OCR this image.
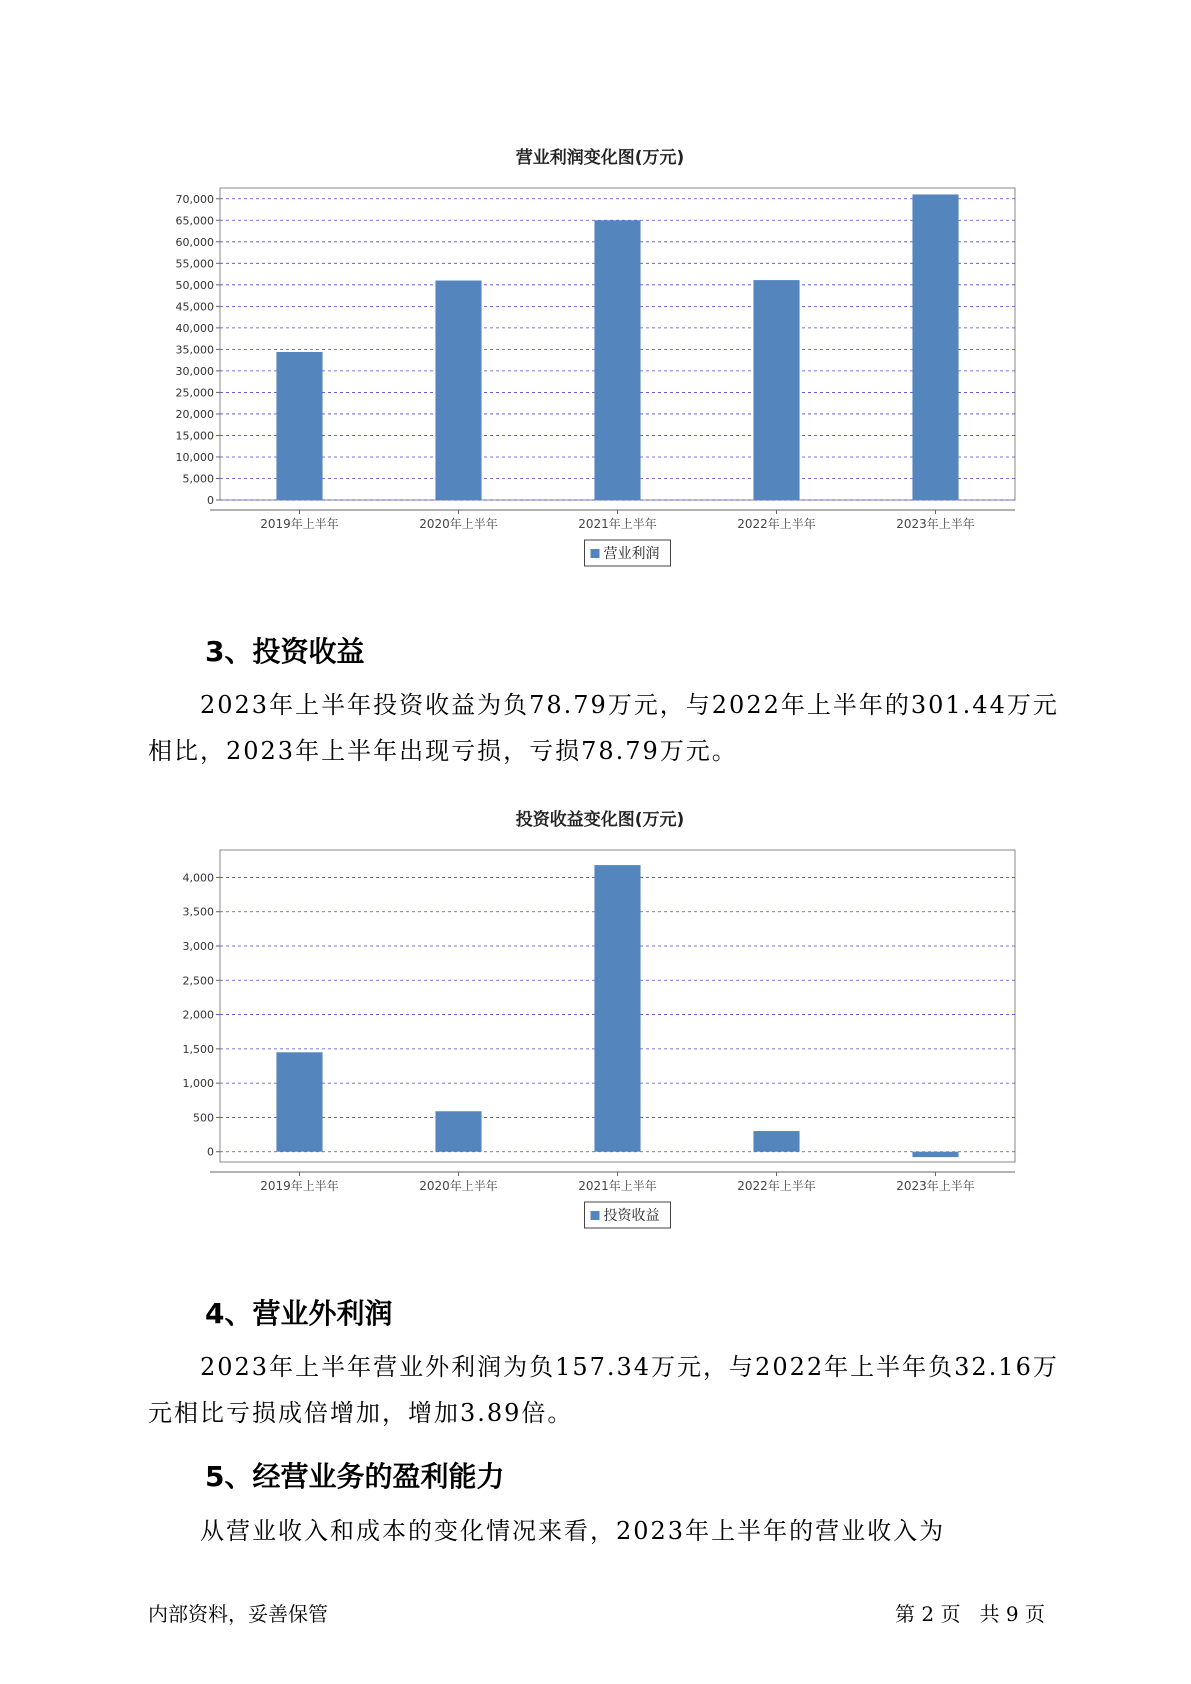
营业利润变化图(万元)
0
5,000
10,000
15,000
20,000
25,000
30,000
35,000
40,000
45,000
50,000
55,000
60,000
65,000
70,000
2019年上半年	2020年上半年	2021年上半年	2022年上半年	2023年上半年
营业利润
3、投资收益
2023年上半年投资收益为负78.79万元，与2022年上半年的301.44万元
相比，2023年上半年出现亏损，亏损78.79万元。
投资收益变化图(万元)
0
500
1,000
1,500
2,000
2,500
3,000
3,500
4,000
2019年上半年	2020年上半年	2021年上半年	2022年上半年	2023年上半年
投资收益
4、营业外利润
2023年上半年营业外利润为负157.34万元，与2022年上半年负32.16万
元相比亏损成倍增加，增加3.89倍。
5、经营业务的盈利能力
从营业收入和成本的变化情况来看，2023年上半年的营业收入为
内部资料，妥善保管	第 2 页   共 9 页
